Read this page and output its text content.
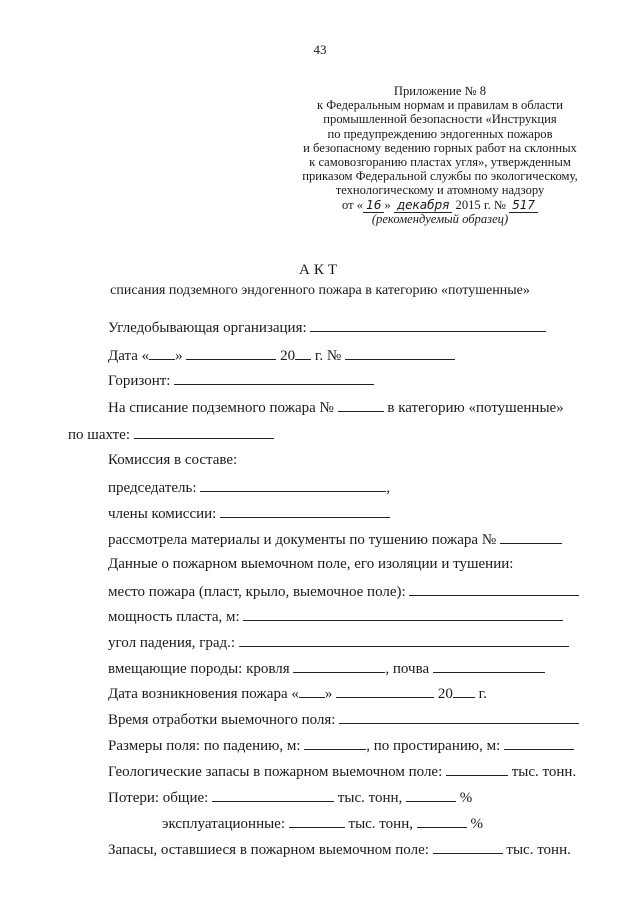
43
Приложение № 8
к Федеральным нормам и правилам в области
промышленной безопасности «Инструкция
по предупреждению эндогенных пожаров
и безопасному ведению горных работ на склонных
к самовозгоранию пластах угля», утвержденным
приказом Федеральной службы по экологическому,
технологическому и атомному надзору
от « 16 » декабря 2015 г. № 517
(рекомендуемый образец)
АКТ
списания подземного эндогенного пожара в категорию «потушенные»
Угледобывающая организация:
Дата « »	20 г. №
Горизонт:
На списание подземного пожара №	в категорию «потушенные»
по шахте:
Комиссия в составе:
председатель:	,
члены комиссии:
рассмотрела материалы и документы по тушению пожара №
Данные о пожарном выемочном поле, его изоляции и тушении:
место пожара (пласт, крыло, выемочное поле):
мощность пласта, м:
угол падения, град.:
вмещающие породы: кровля	, почва
Дата возникновения пожара « »	20 г.
Время отработки выемочного поля:
Размеры поля: по падению, м:	, по простиранию, м:
Геологические запасы в пожарном выемочном поле:	тыс. тонн.
Потери: общие:	тыс. тонн,	%
эксплуатационные:	тыс. тонн,	%
Запасы, оставшиеся в пожарном выемочном поле:	тыс. тонн.
